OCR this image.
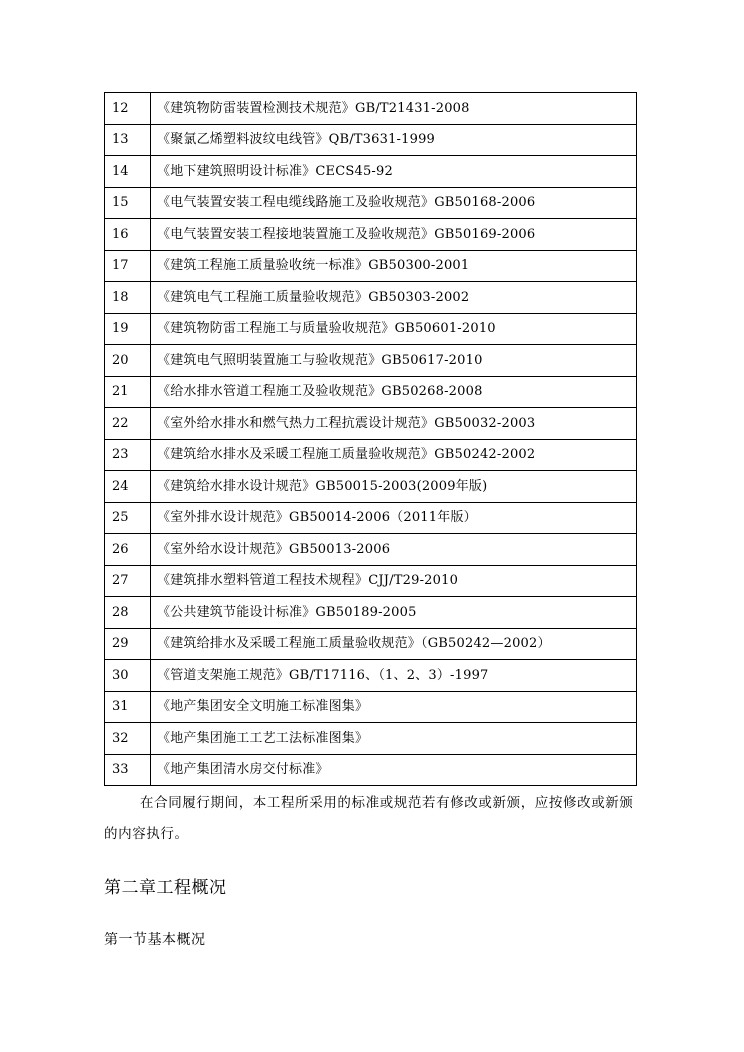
12	《建筑物防雷装置检测技术规范》GB/T21431-2008
13	《聚氯乙烯塑料波纹电线管》QB/T3631-1999
14	《地下建筑照明设计标准》CECS45-92
15	《电气装置安装工程电缆线路施工及验收规范》GB50168-2006
16	《电气装置安装工程接地装置施工及验收规范》GB50169-2006
17	《建筑工程施工质量验收统一标准》GB50300-2001
18	《建筑电气工程施工质量验收规范》GB50303-2002
19	《建筑物防雷工程施工与质量验收规范》GB50601-2010
20	《建筑电气照明装置施工与验收规范》GB50617-2010
21	《给水排水管道工程施工及验收规范》GB50268-2008
22	《室外给水排水和燃气热力工程抗震设计规范》GB50032-2003
23	《建筑给水排水及采暖工程施工质量验收规范》GB50242-2002
24	《建筑给水排水设计规范》GB50015-2003(2009年版)
25	《室外排水设计规范》GB50014-2006（2011年版）
26	《室外给水设计规范》GB50013-2006
27	《建筑排水塑料管道工程技术规程》CJJ/T29-2010
28	《公共建筑节能设计标准》GB50189-2005
29	《建筑给排水及采暖工程施工质量验收规范》（GB50242—2002）
30	《管道支架施工规范》GB/T17116、（1、2、3）-1997
31	《地产集团安全文明施工标准图集》
32	《地产集团施工工艺工法标准图集》
33	《地产集团清水房交付标准》
在合同履行期间，本工程所采用的标准或规范若有修改或新颁，应按修改或新颁的内容执行。
第二章工程概况
第一节基本概况
